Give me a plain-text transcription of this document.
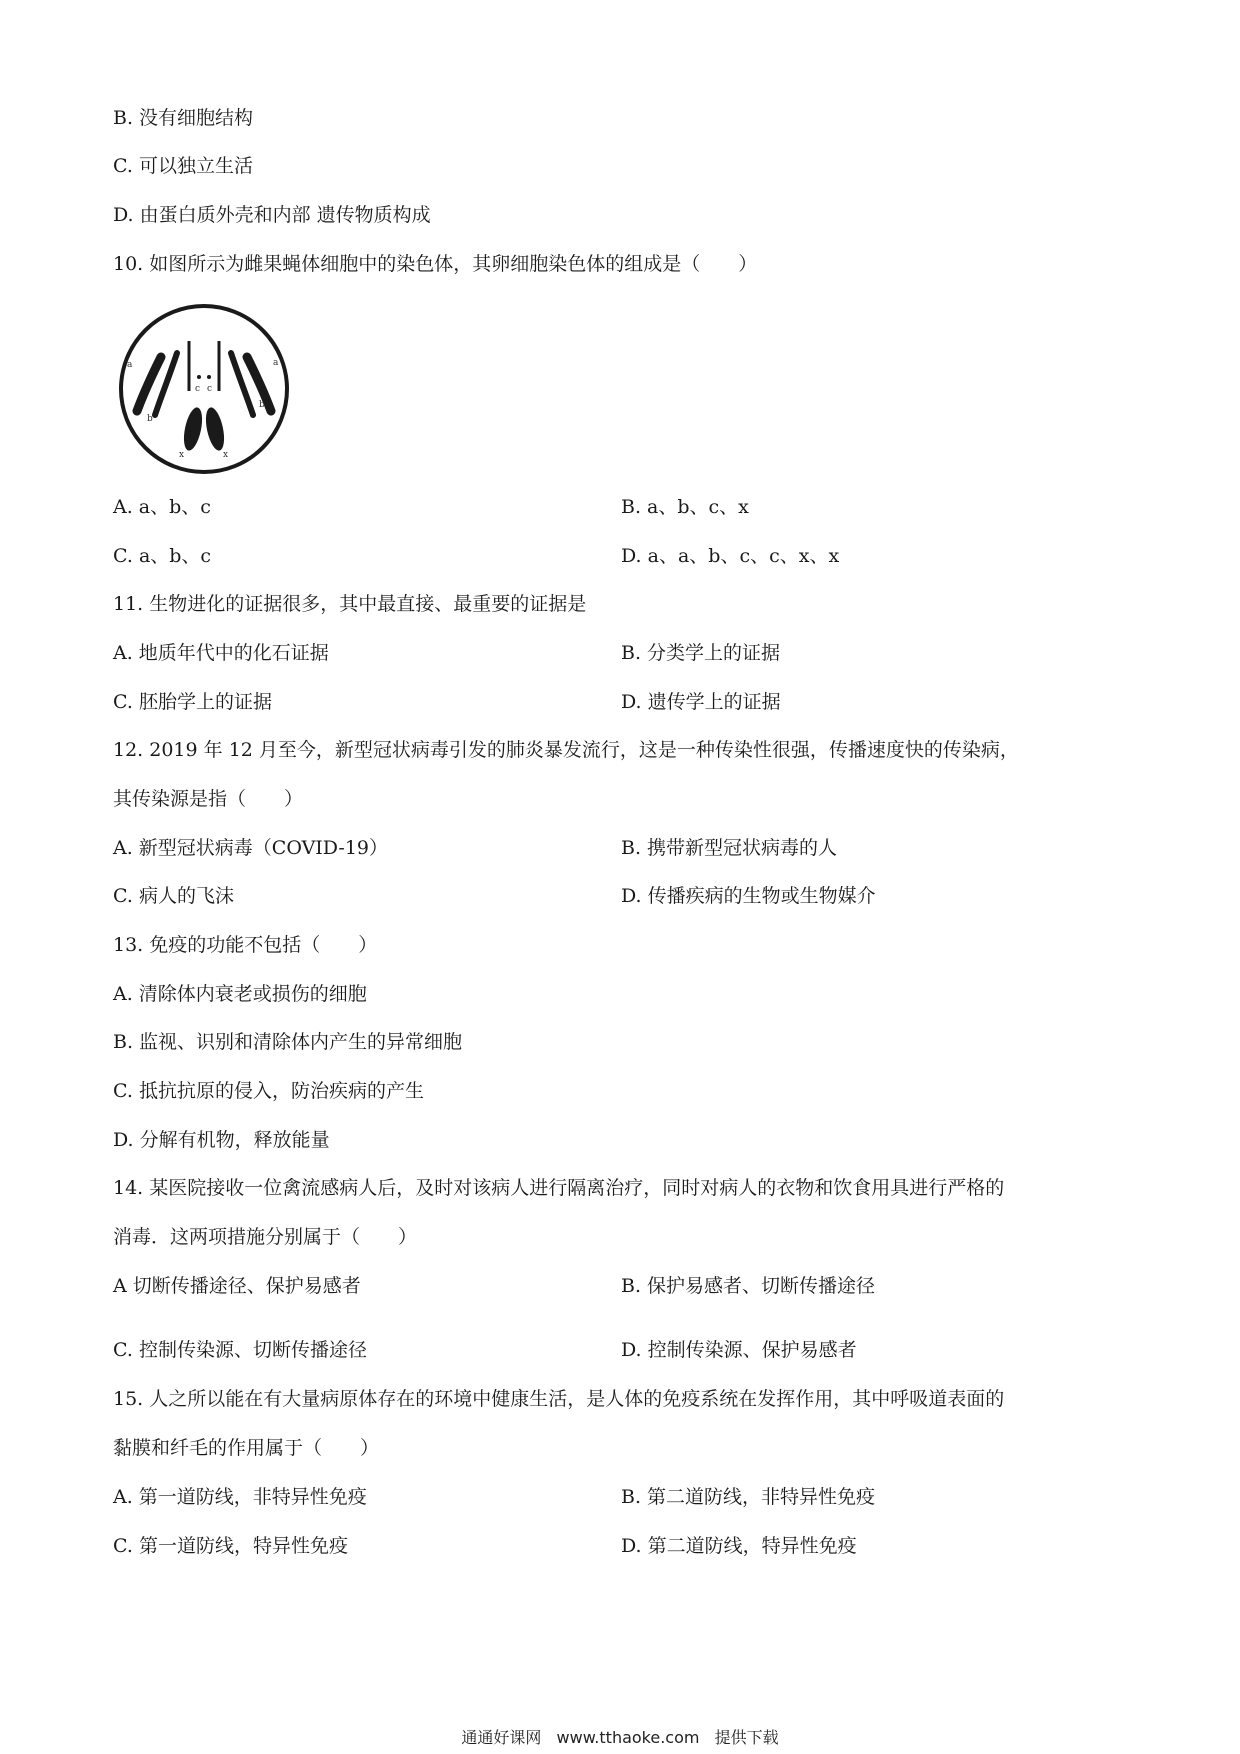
B. 没有细胞结构
C. 可以独立生活
D. 由蛋白质外壳和内部 遗传物质构成
10. 如图所示为雌果蝇体细胞中的染色体，其卵细胞染色体的组成是（　　）
a
b
c c
x	x
b
a
A. a、b、c	B. a、b、c、x
C. a、b、c	D. a、a、b、c、c、x、x
11. 生物进化的证据很多，其中最直接、最重要的证据是
A. 地质年代中的化石证据	B. 分类学上的证据
C. 胚胎学上的证据	D. 遗传学上的证据
12. 2019 年 12 月至今，新型冠状病毒引发的肺炎暴发流行，这是一种传染性很强，传播速度快的传染病，
其传染源是指（　　）
A. 新型冠状病毒（COVID-19）	B. 携带新型冠状病毒的人
C. 病人的飞沫	D. 传播疾病的生物或生物媒介
13. 免疫的功能不包括（　　）
A. 清除体内衰老或损伤的细胞
B. 监视、识别和清除体内产生的异常细胞
C. 抵抗抗原的侵入，防治疾病的产生
D. 分解有机物，释放能量
14. 某医院接收一位禽流感病人后，及时对该病人进行隔离治疗，同时对病人的衣物和饮食用具进行严格的
消毒．这两项措施分别属于（　　）
A 切断传播途径、保护易感者	B. 保护易感者、切断传播途径
C. 控制传染源、切断传播途径	D. 控制传染源、保护易感者
15. 人之所以能在有大量病原体存在的环境中健康生活，是人体的免疫系统在发挥作用，其中呼吸道表面的
黏膜和纤毛的作用属于（　　）
A. 第一道防线，非特异性免疫	B. 第二道防线，非特异性免疫
C. 第一道防线，特异性免疫	D. 第二道防线，特异性免疫
通通好课网 www.tthaoke.com 提供下载
